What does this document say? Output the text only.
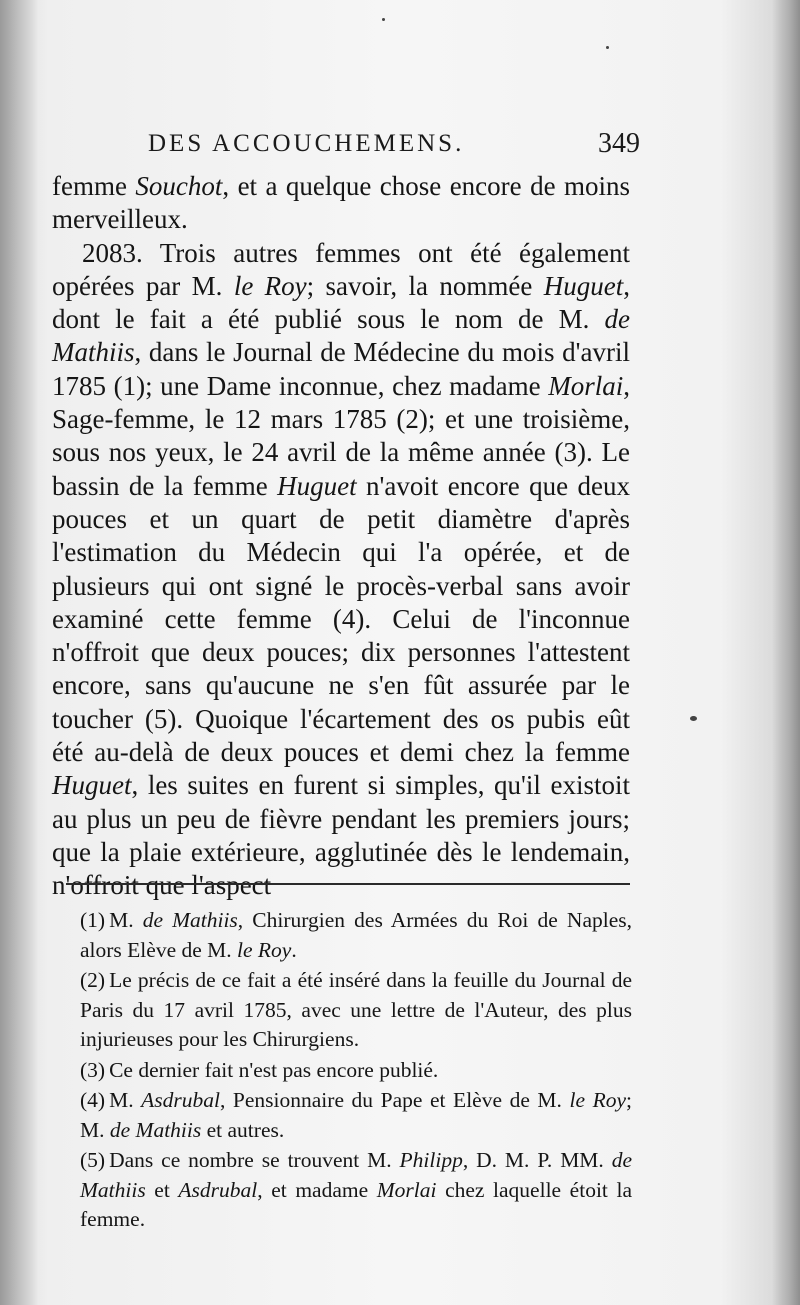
DES ACCOUCHEMENS.	349

femme Souchot, et a quelque chose encore de moins merveilleux.

2083. Trois autres femmes ont été également opérées par M. le Roy; savoir, la nommée Huguet, dont le fait a été publié sous le nom de M. de Mathiis, dans le Journal de Médecine du mois d'avril 1785 (1); une Dame inconnue, chez madame Morlai, Sage-femme, le 12 mars 1785 (2); et une troisième, sous nos yeux, le 24 avril de la même année (3). Le bassin de la femme Huguet n'avoit encore que deux pouces et un quart de petit diamètre d'après l'estimation du Médecin qui l'a opérée, et de plusieurs qui ont signé le procès-verbal sans avoir examiné cette femme (4). Celui de l'inconnue n'offroit que deux pouces; dix personnes l'attestent encore, sans qu'aucune ne s'en fût assurée par le toucher (5). Quoique l'écartement des os pubis eût été au-delà de deux pouces et demi chez la femme Huguet, les suites en furent si simples, qu'il existoit au plus un peu de fièvre pendant les premiers jours; que la plaie extérieure, agglutinée dès le lendemain, n'offroit que l'aspect

(1) M. de Mathiis, Chirurgien des Armées du Roi de Naples, alors Elève de M. le Roy.

(2) Le précis de ce fait a été inséré dans la feuille du Journal de Paris du 17 avril 1785, avec une lettre de l'Auteur, des plus injurieuses pour les Chirurgiens.

(3) Ce dernier fait n'est pas encore publié.

(4) M. Asdrubal, Pensionnaire du Pape et Elève de M. le Roy; M. de Mathiis et autres.

(5) Dans ce nombre se trouvent M. Philipp, D. M. P. MM. de Mathiis et Asdrubal, et madame Morlai chez laquelle étoit la femme.
